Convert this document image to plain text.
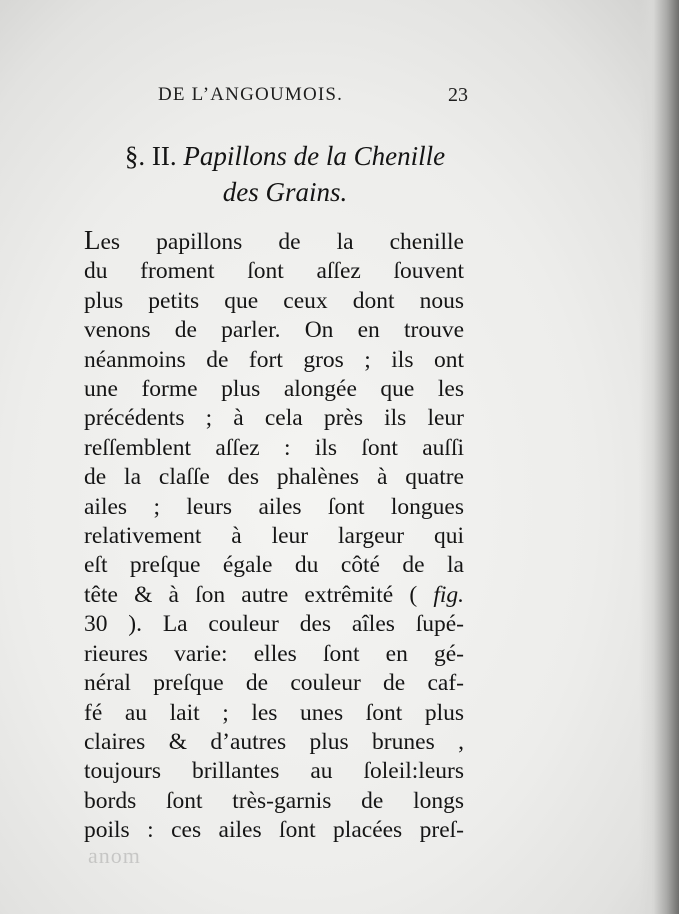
DE L’ANGOUMOIS.	23
§. II. Papillons de la Chenille
des Grains.
Les papillons de la chenille
du froment ſont aſſez ſouvent
plus petits que ceux dont nous
venons de parler. On en trouve
néanmoins de fort gros ; ils ont
une forme plus alongée que les
précédents ; à cela près ils leur
reſſemblent aſſez : ils ſont auſſi
de la claſſe des phalènes à quatre
ailes ; leurs ailes ſont longues
relativement à leur largeur qui
eſt preſque égale du côté de la
tête & à ſon autre extrêmité ( fig.
30 ). La couleur des aîles ſupé-
rieures varie: elles ſont en gé-
néral preſque de couleur de caf-
fé au lait ; les unes ſont plus
claires & d’autres plus brunes ,
toujours brillantes au ſoleil:leurs
bords ſont très-garnis de longs
poils : ces ailes ſont placées preſ-
anom
